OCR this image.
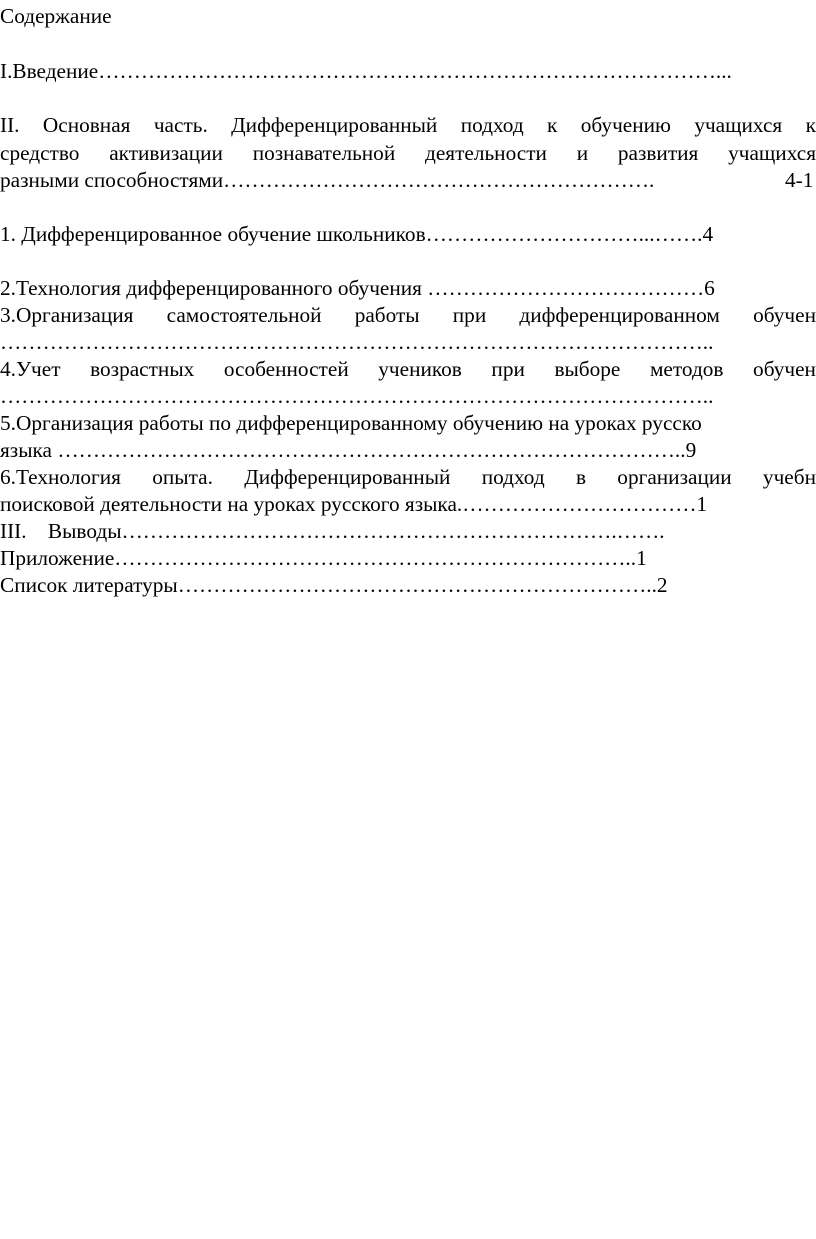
Содержание
I.Введение……………………………………………………………………………...
II. Основная часть. Дифференцированный подход к обучению учащихся к
средство активизации познавательной деятельности и развития учащихся
разными способностями…………………………………………………….	4-1
1. Дифференцированное обучение школьников…………………………...…….4
2.Технология дифференцированного обучения …………………………………6
3.Организация самостоятельной работы при дифференцированном обучен
………………………………………………………………………………………..
4.Учет возрастных особенностей учеников при выборе методов обучен
………………………………………………………………………………………..
5.Организация работы по дифференцированному обучению на уроках русско
языка ……………………………………………………………………………..9
6.Технология опыта. Дифференцированный подход в организации учебн
поисковой деятельности на уроках русского языка.……………………………1
III.    Выводы…………………………………………………………….…….
Приложение………………………………………………………………..1
Список литературы…………………………………………………………..2
